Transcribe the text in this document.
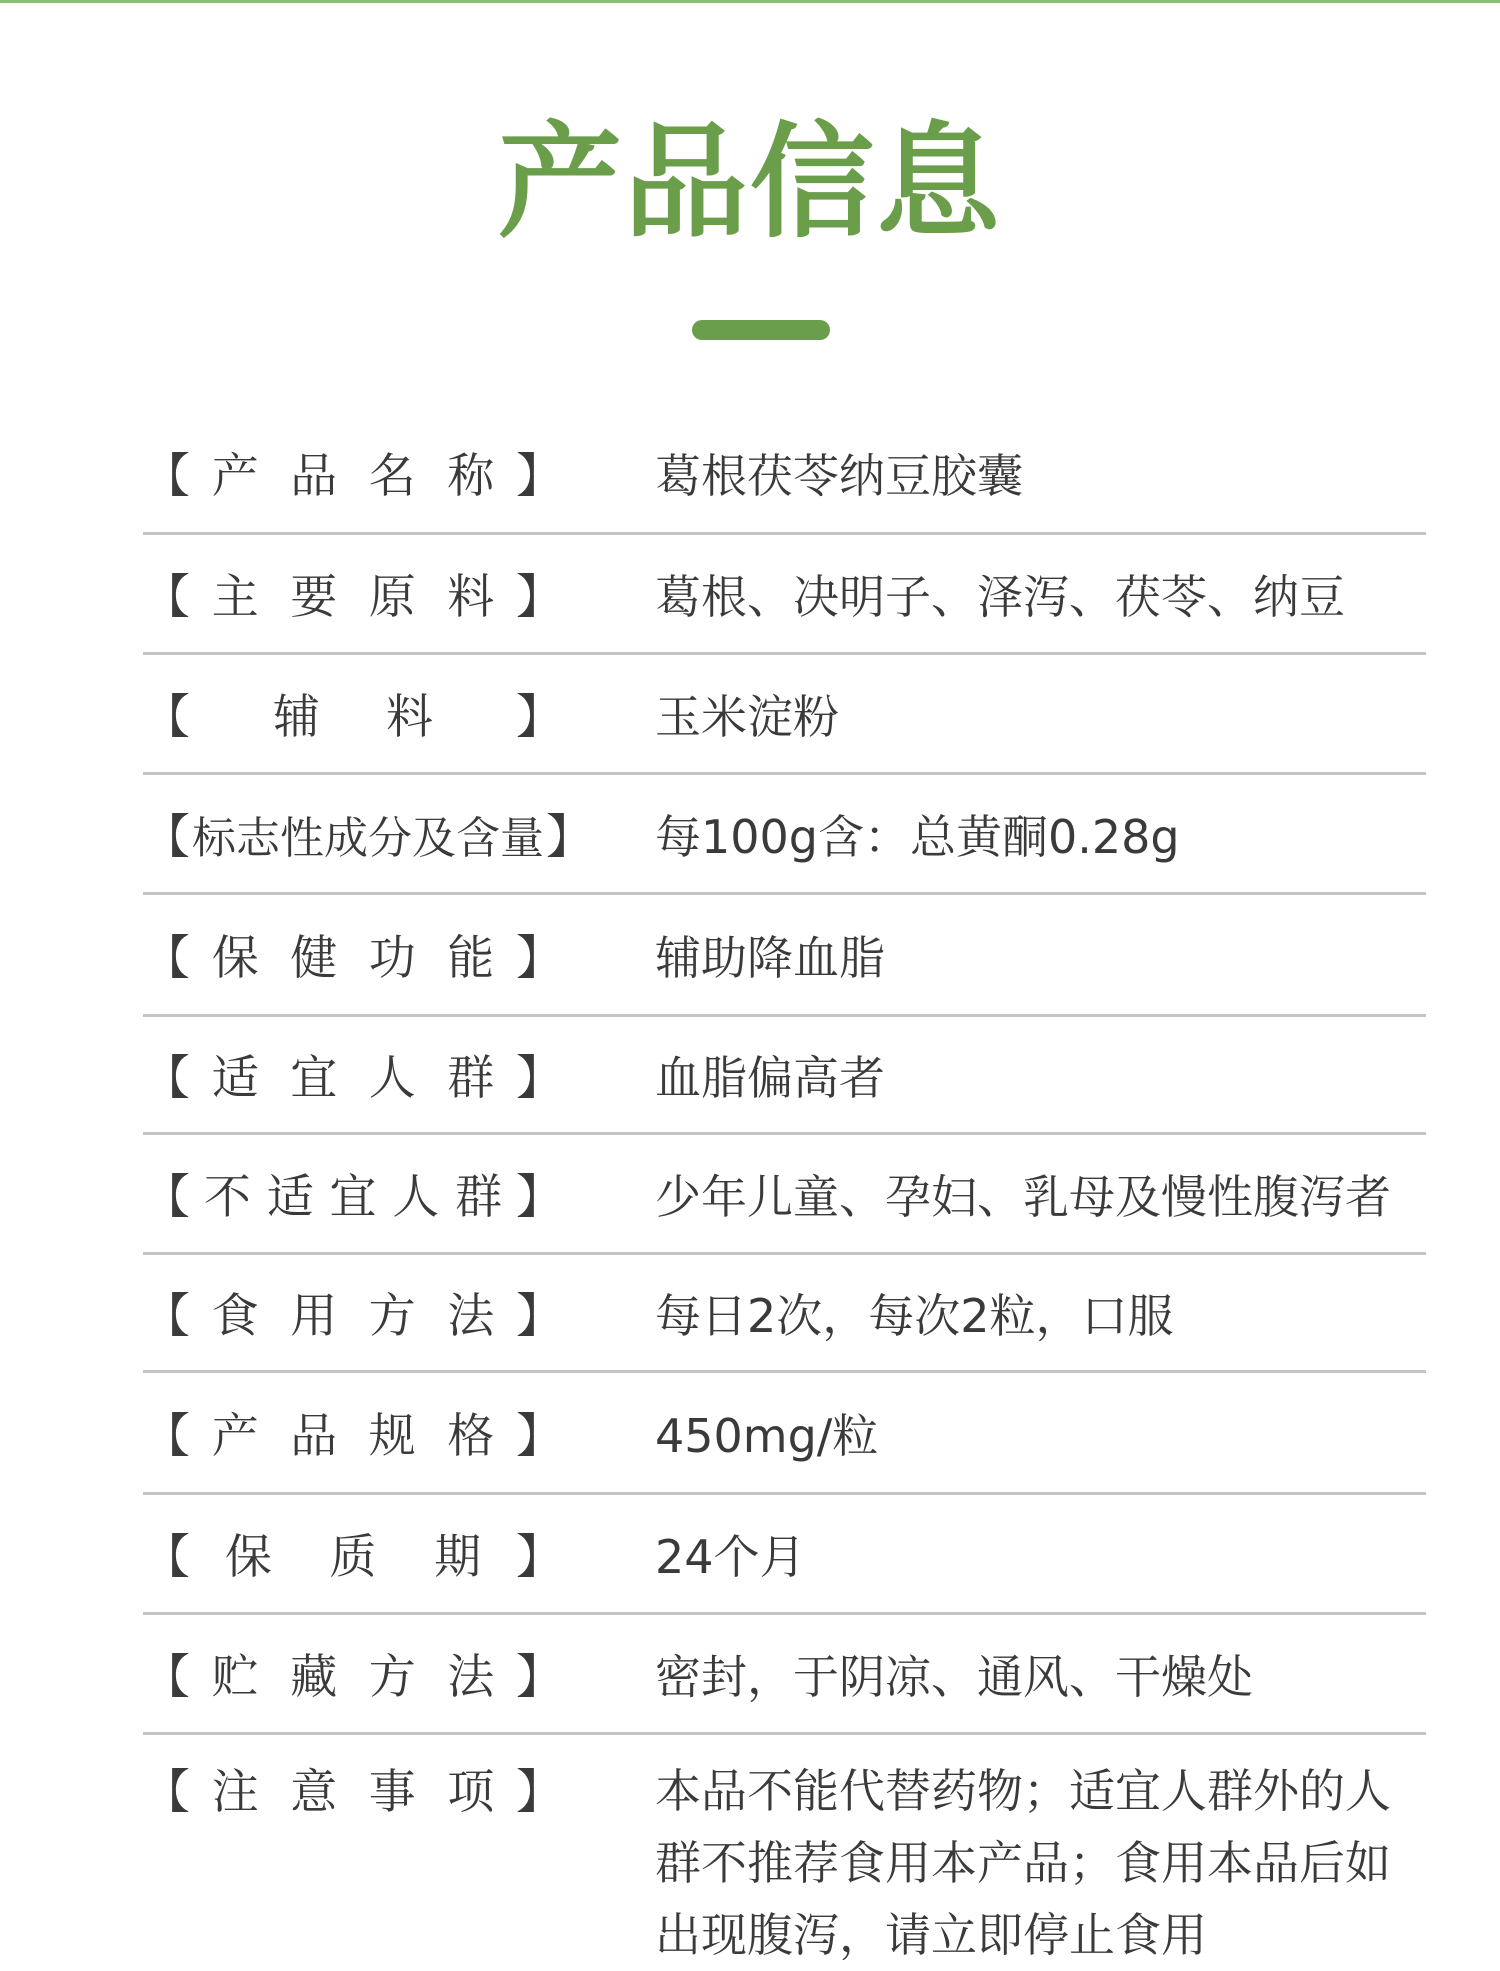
产品信息
【 产 品 名 称 】 葛根茯苓纳豆胶囊
【 主 要 原 料 】 葛根、决明子、泽泻、茯苓、纳豆
【 辅 料 】 玉米淀粉
【 标 志 性 成 分 及 含 量 】 每100g含：总黄酮0.28g
【 保 健 功 能 】 辅助降血脂
【 适 宜 人 群 】 血脂偏高者
【 不 适 宜 人 群 】 少年儿童、孕妇、乳母及慢性腹泻者
【 食 用 方 法 】 每日2次，每次2粒，口服
【 产 品 规 格 】 450mg/粒
【 保 质 期 】 24个月
【 贮 藏 方 法 】 密封，于阴凉、通风、干燥处
【 注 意 事 项 】 本品不能代替药物；适宜人群外的人群不推荐食用本产品；食用本品后如出现腹泻，请立即停止食用
